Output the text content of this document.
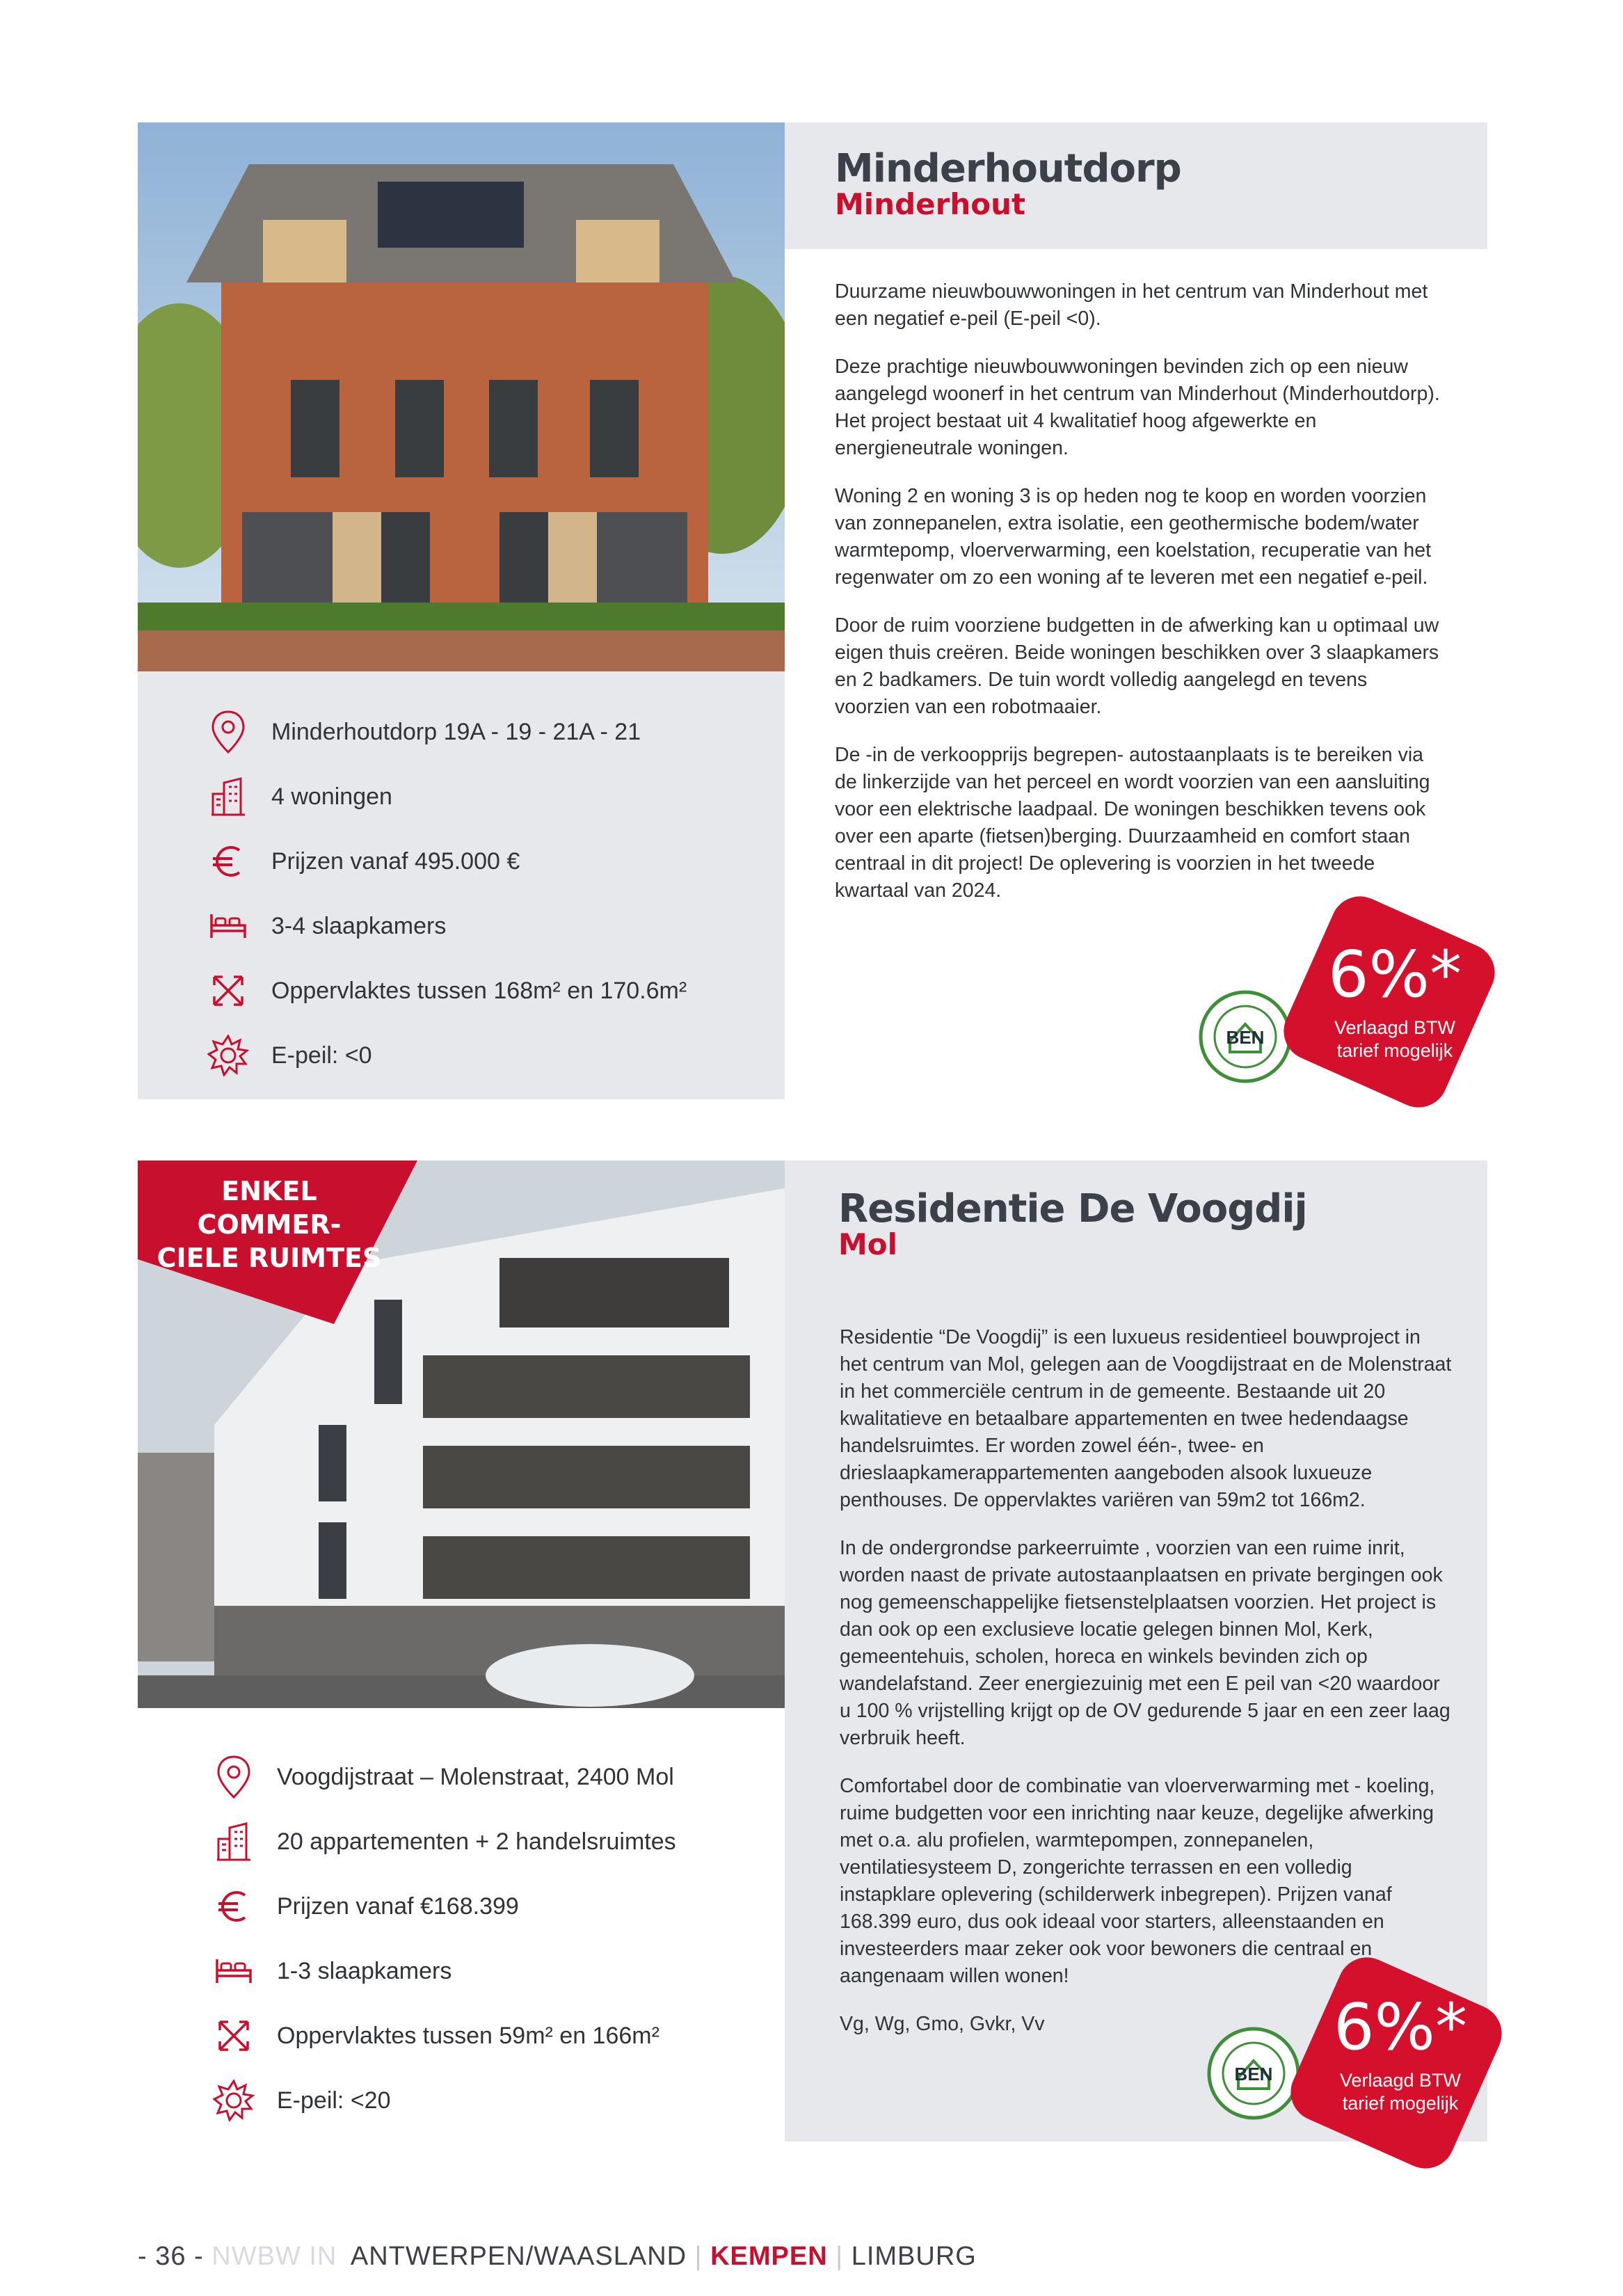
Minderhoutdorp
Minderhout

Duurzame nieuwbouwwoningen in het centrum van Minderhout met een negatief e-peil (E-peil <0).

Deze prachtige nieuwbouwwoningen bevinden zich op een nieuw aangelegd woonerf in het centrum van Minderhout (Minderhoutdorp). Het project bestaat uit 4 kwalitatief hoog afgewerkte en energieneutrale woningen.

Woning 2 en woning 3 is op heden nog te koop en worden voorzien van zonnepanelen, extra isolatie, een geothermische bodem/water warmtepomp, vloerverwarming, een koelstation, recuperatie van het regenwater om zo een woning af te leveren met een negatief e-peil.

Door de ruim voorziene budgetten in de afwerking kan u optimaal uw eigen thuis creëren. Beide woningen beschikken over 3 slaapkamers en 2 badkamers. De tuin wordt volledig aangelegd en tevens voorzien van een robotmaaier.

De -in de verkoopprijs begrepen- autostaanplaats is te bereiken via de linkerzijde van het perceel en wordt voorzien van een aansluiting voor een elektrische laadpaal. De woningen beschikken tevens ook over een aparte (fietsen)berging. Duurzaamheid en comfort staan centraal in dit project! De oplevering is voorzien in het tweede kwartaal van 2024.

Minderhoutdorp 19A - 19 - 21A - 21
4 woningen
Prijzen vanaf 495.000 €
3-4 slaapkamers
Oppervlaktes tussen 168m² en 170.6m²
E-peil: <0
BEN
6%*
Verlaagd BTW
tarief mogelijk
ENKEL COMMER-
CIELE RUIMTES
Residentie De Voogdij
Mol

Residentie “De Voogdij” is een luxueus residentieel bouwproject in het centrum van Mol, gelegen aan de Voogdijstraat en de Molenstraat in het commerciële centrum in de gemeente. Bestaande uit 20 kwalitatieve en betaalbare appartementen en twee hedendaagse handelsruimtes. Er worden zowel één-, twee- en drieslaapkamerappartementen aangeboden alsook luxueuze penthouses. De oppervlaktes variëren van 59m2 tot 166m2.

In de ondergrondse parkeerruimte , voorzien van een ruime inrit, worden naast de private autostaanplaatsen en private bergingen ook nog gemeenschappelijke fietsenstelplaatsen voorzien. Het project is dan ook op een exclusieve locatie gelegen binnen Mol, Kerk, gemeentehuis, scholen, horeca en winkels bevinden zich op wandelafstand. Zeer energiezuinig met een E peil van <20 waardoor u 100 % vrijstelling krijgt op de OV gedurende 5 jaar en een zeer laag verbruik heeft.

Comfortabel door de combinatie van vloerverwarming met - koeling, ruime budgetten voor een inrichting naar keuze, degelijke afwerking met o.a. alu profielen, warmtepompen, zonnepanelen, ventilatiesysteem D, zongerichte terrassen en een volledig instapklare oplevering (schilderwerk inbegrepen). Prijzen vanaf 168.399 euro, dus ook ideaal voor starters, alleenstaanden en investeerders maar zeker ook voor bewoners die centraal en aangenaam willen wonen!

Vg, Wg, Gmo, Gvkr, Vv

Voogdijstraat – Molenstraat, 2400 Mol
20 appartementen + 2 handelsruimtes
Prijzen vanaf €168.399
1-3 slaapkamers
Oppervlaktes tussen 59m² en 166m²
E-peil: <20
BEN
6%*
Verlaagd BTW
tarief mogelijk
- 36 - NWBW IN ANTWERPEN/WAASLAND | KEMPEN | LIMBURG
